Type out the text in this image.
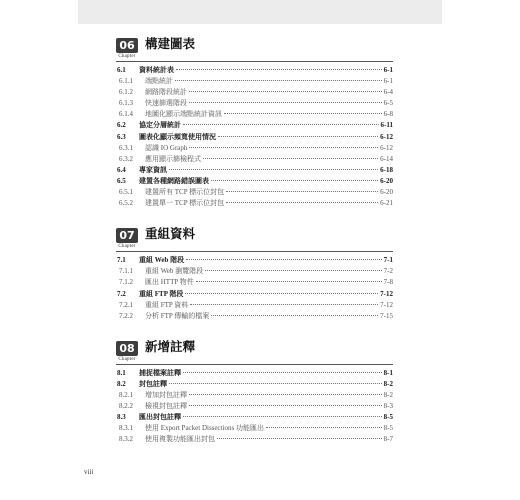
06
Chapter
構建圖表
6.1	資料統計表	6-1
6.1.1	端點統計	6-1
6.1.2	網路階段統計	6-4
6.1.3	快速篩選階段	6-5
6.1.4	地圖化顯示端點統計資訊	6-8
6.2	協定分層統計	6-11
6.3	圖表化顯示頻寬使用情況	6-12
6.3.1	認識 IO Graph	6-12
6.3.2	應用顯示篩檢程式	6-14
6.4	專家資訊	6-18
6.5	建置各種網路錯誤圖表	6-20
6.5.1	建置所有 TCP 標示位封包	6-20
6.5.2	建置單一 TCP 標示位封包	6-21
07
Chapter
重組資料
7.1	重組 Web 階段	7-1
7.1.1	重組 Web 瀏覽階段	7-2
7.1.2	匯出 HTTP 物件	7-8
7.2	重組 FTP 階段	7-12
7.2.1	重組 FTP 資料	7-12
7.2.2	分析 FTP 傳輸的檔案	7-15
08
Chapter
新增註釋
8.1	捕捉檔案註釋	8-1
8.2	封包註釋	8-2
8.2.1	增加封包註釋	8-2
8.2.2	檢視封包註釋	8-3
8.3	匯出封包註釋	8-5
8.3.1	使用 Export Packet Dissections 功能匯出	8-5
8.3.2	使用複製功能匯出封包	8-7
viii
